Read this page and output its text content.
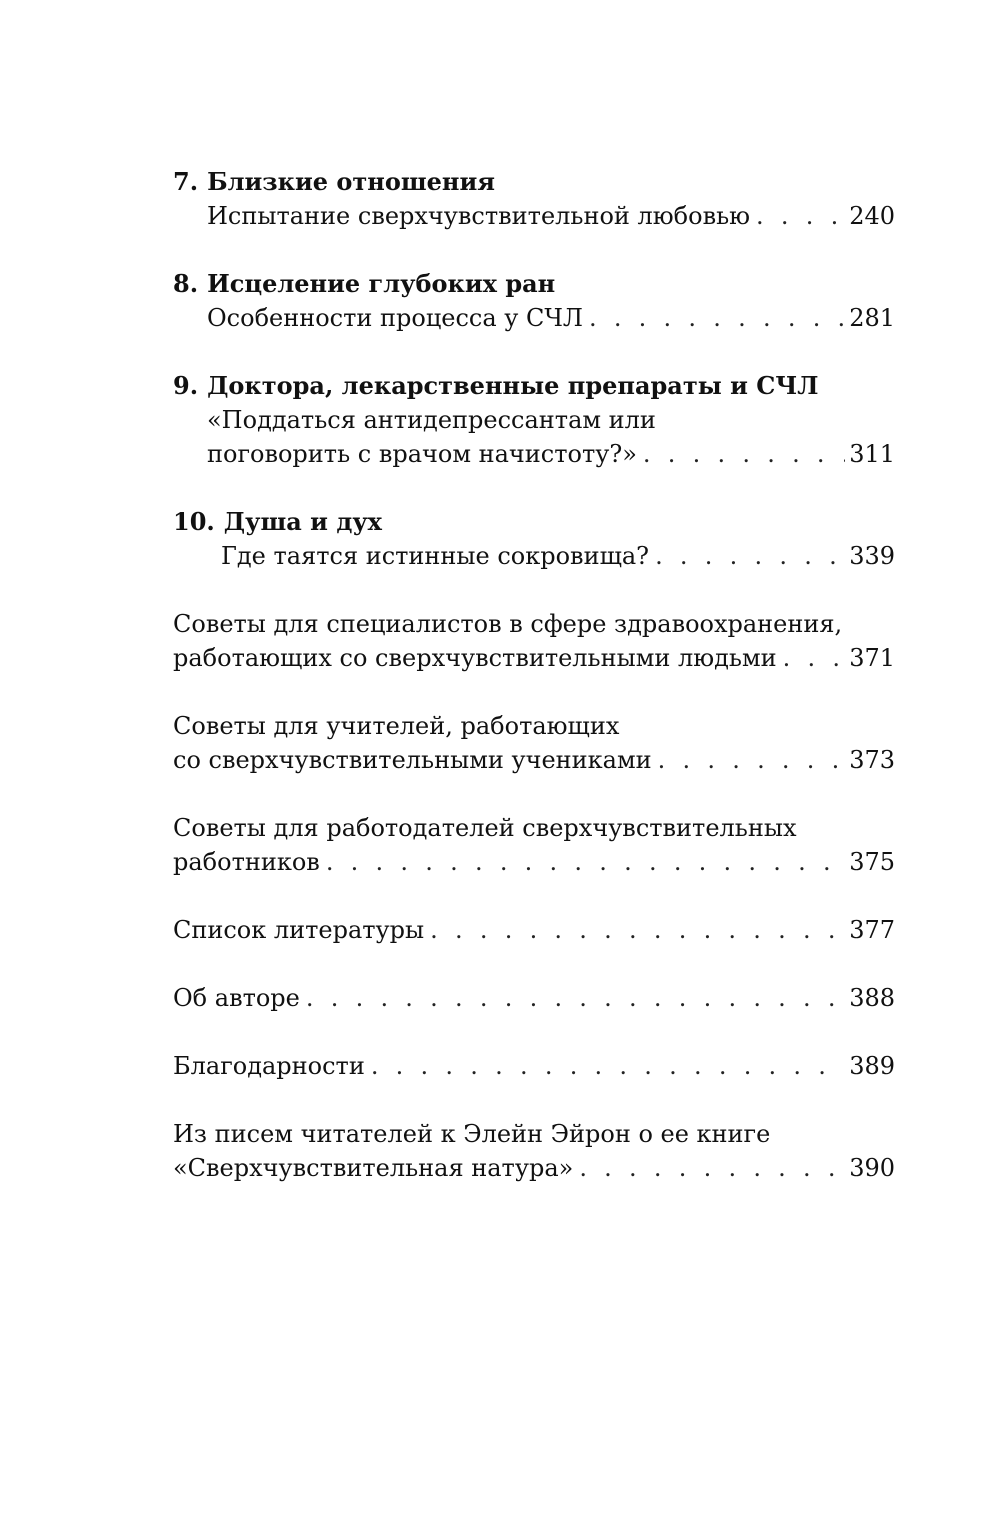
7. Близкие отношения
Испытание сверхчувствительной любовью . . .	240
8. Исцеление глубоких ран
Особенности процесса у СЧЛ . . .	281
9. Доктора, лекарственные препараты и СЧЛ
«Поддаться антидепрессантам или
поговорить с врачом начистоту?» . . .	311
10. Душа и дух
Где таятся истинные сокровища? . . .	339
Советы для специалистов в сфере здравоохранения,
работающих со сверхчувствительными людьми . . .	371
Советы для учителей, работающих
со сверхчувствительными учениками . . .	373
Советы для работодателей сверхчувствительных
работников . . .	375
Список литературы . . .	377
Об авторе . . .	388
Благодарности . . .	389
Из писем читателей к Элейн Эйрон о ее книге
«Сверхчувствительная натура» . . .	390
